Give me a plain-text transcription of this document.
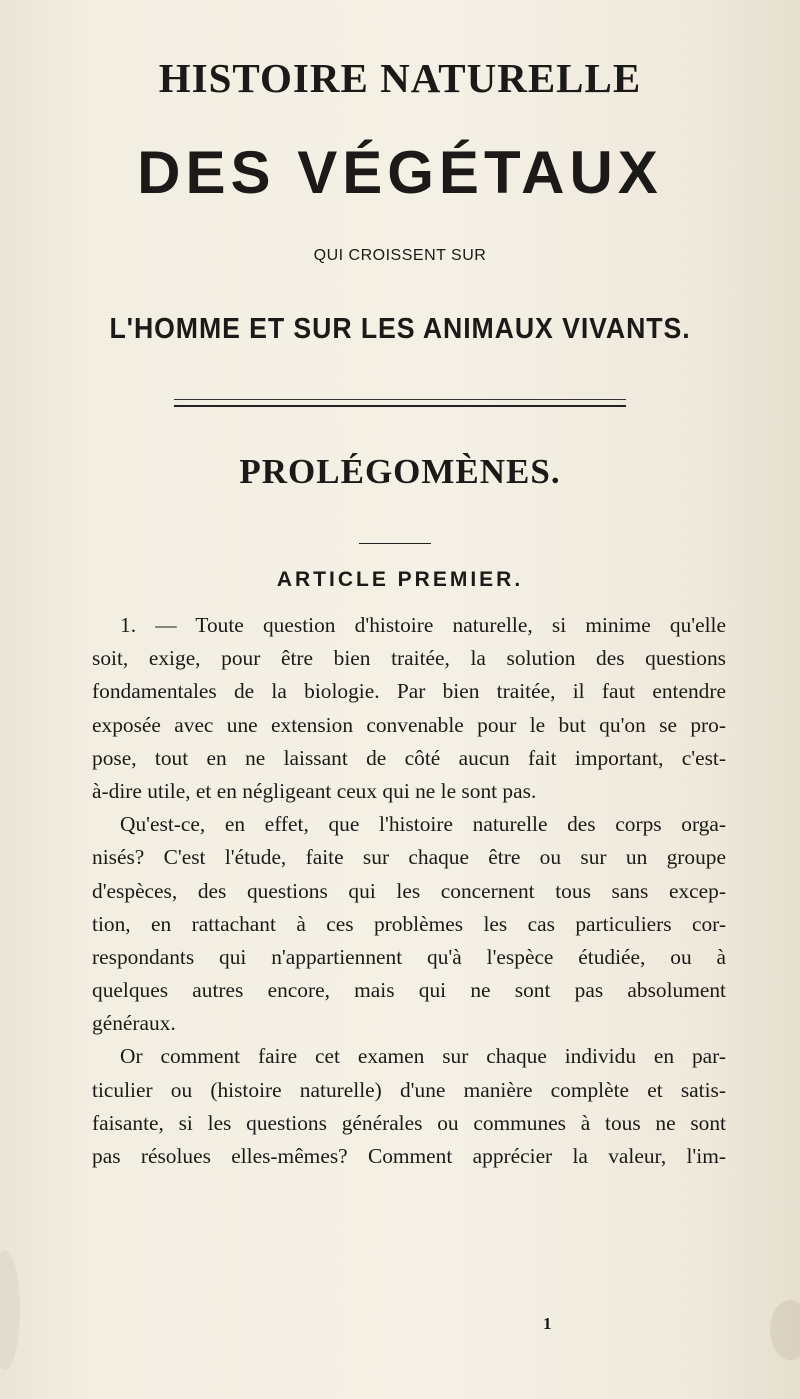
HISTOIRE NATURELLE
DES VÉGÉTAUX
QUI CROISSENT SUR
L'HOMME ET SUR LES ANIMAUX VIVANTS.
PROLÉGOMÈNES.
ARTICLE PREMIER.
1. — Toute question d'histoire naturelle, si minime qu'elle
soit, exige, pour être bien traitée, la solution des questions
fondamentales de la biologie. Par bien traitée, il faut entendre
exposée avec une extension convenable pour le but qu'on se pro-
pose, tout en ne laissant de côté aucun fait important, c'est-
à-dire utile, et en négligeant ceux qui ne le sont pas.
Qu'est-ce, en effet, que l'histoire naturelle des corps orga-
nisés? C'est l'étude, faite sur chaque être ou sur un groupe
d'espèces, des questions qui les concernent tous sans excep-
tion, en rattachant à ces problèmes les cas particuliers cor-
respondants qui n'appartiennent qu'à l'espèce étudiée, ou à
quelques autres encore, mais qui ne sont pas absolument
généraux.
Or comment faire cet examen sur chaque individu en par-
ticulier ou (histoire naturelle) d'une manière complète et satis-
faisante, si les questions générales ou communes à tous ne sont
pas résolues elles-mêmes? Comment apprécier la valeur, l'im-
1
